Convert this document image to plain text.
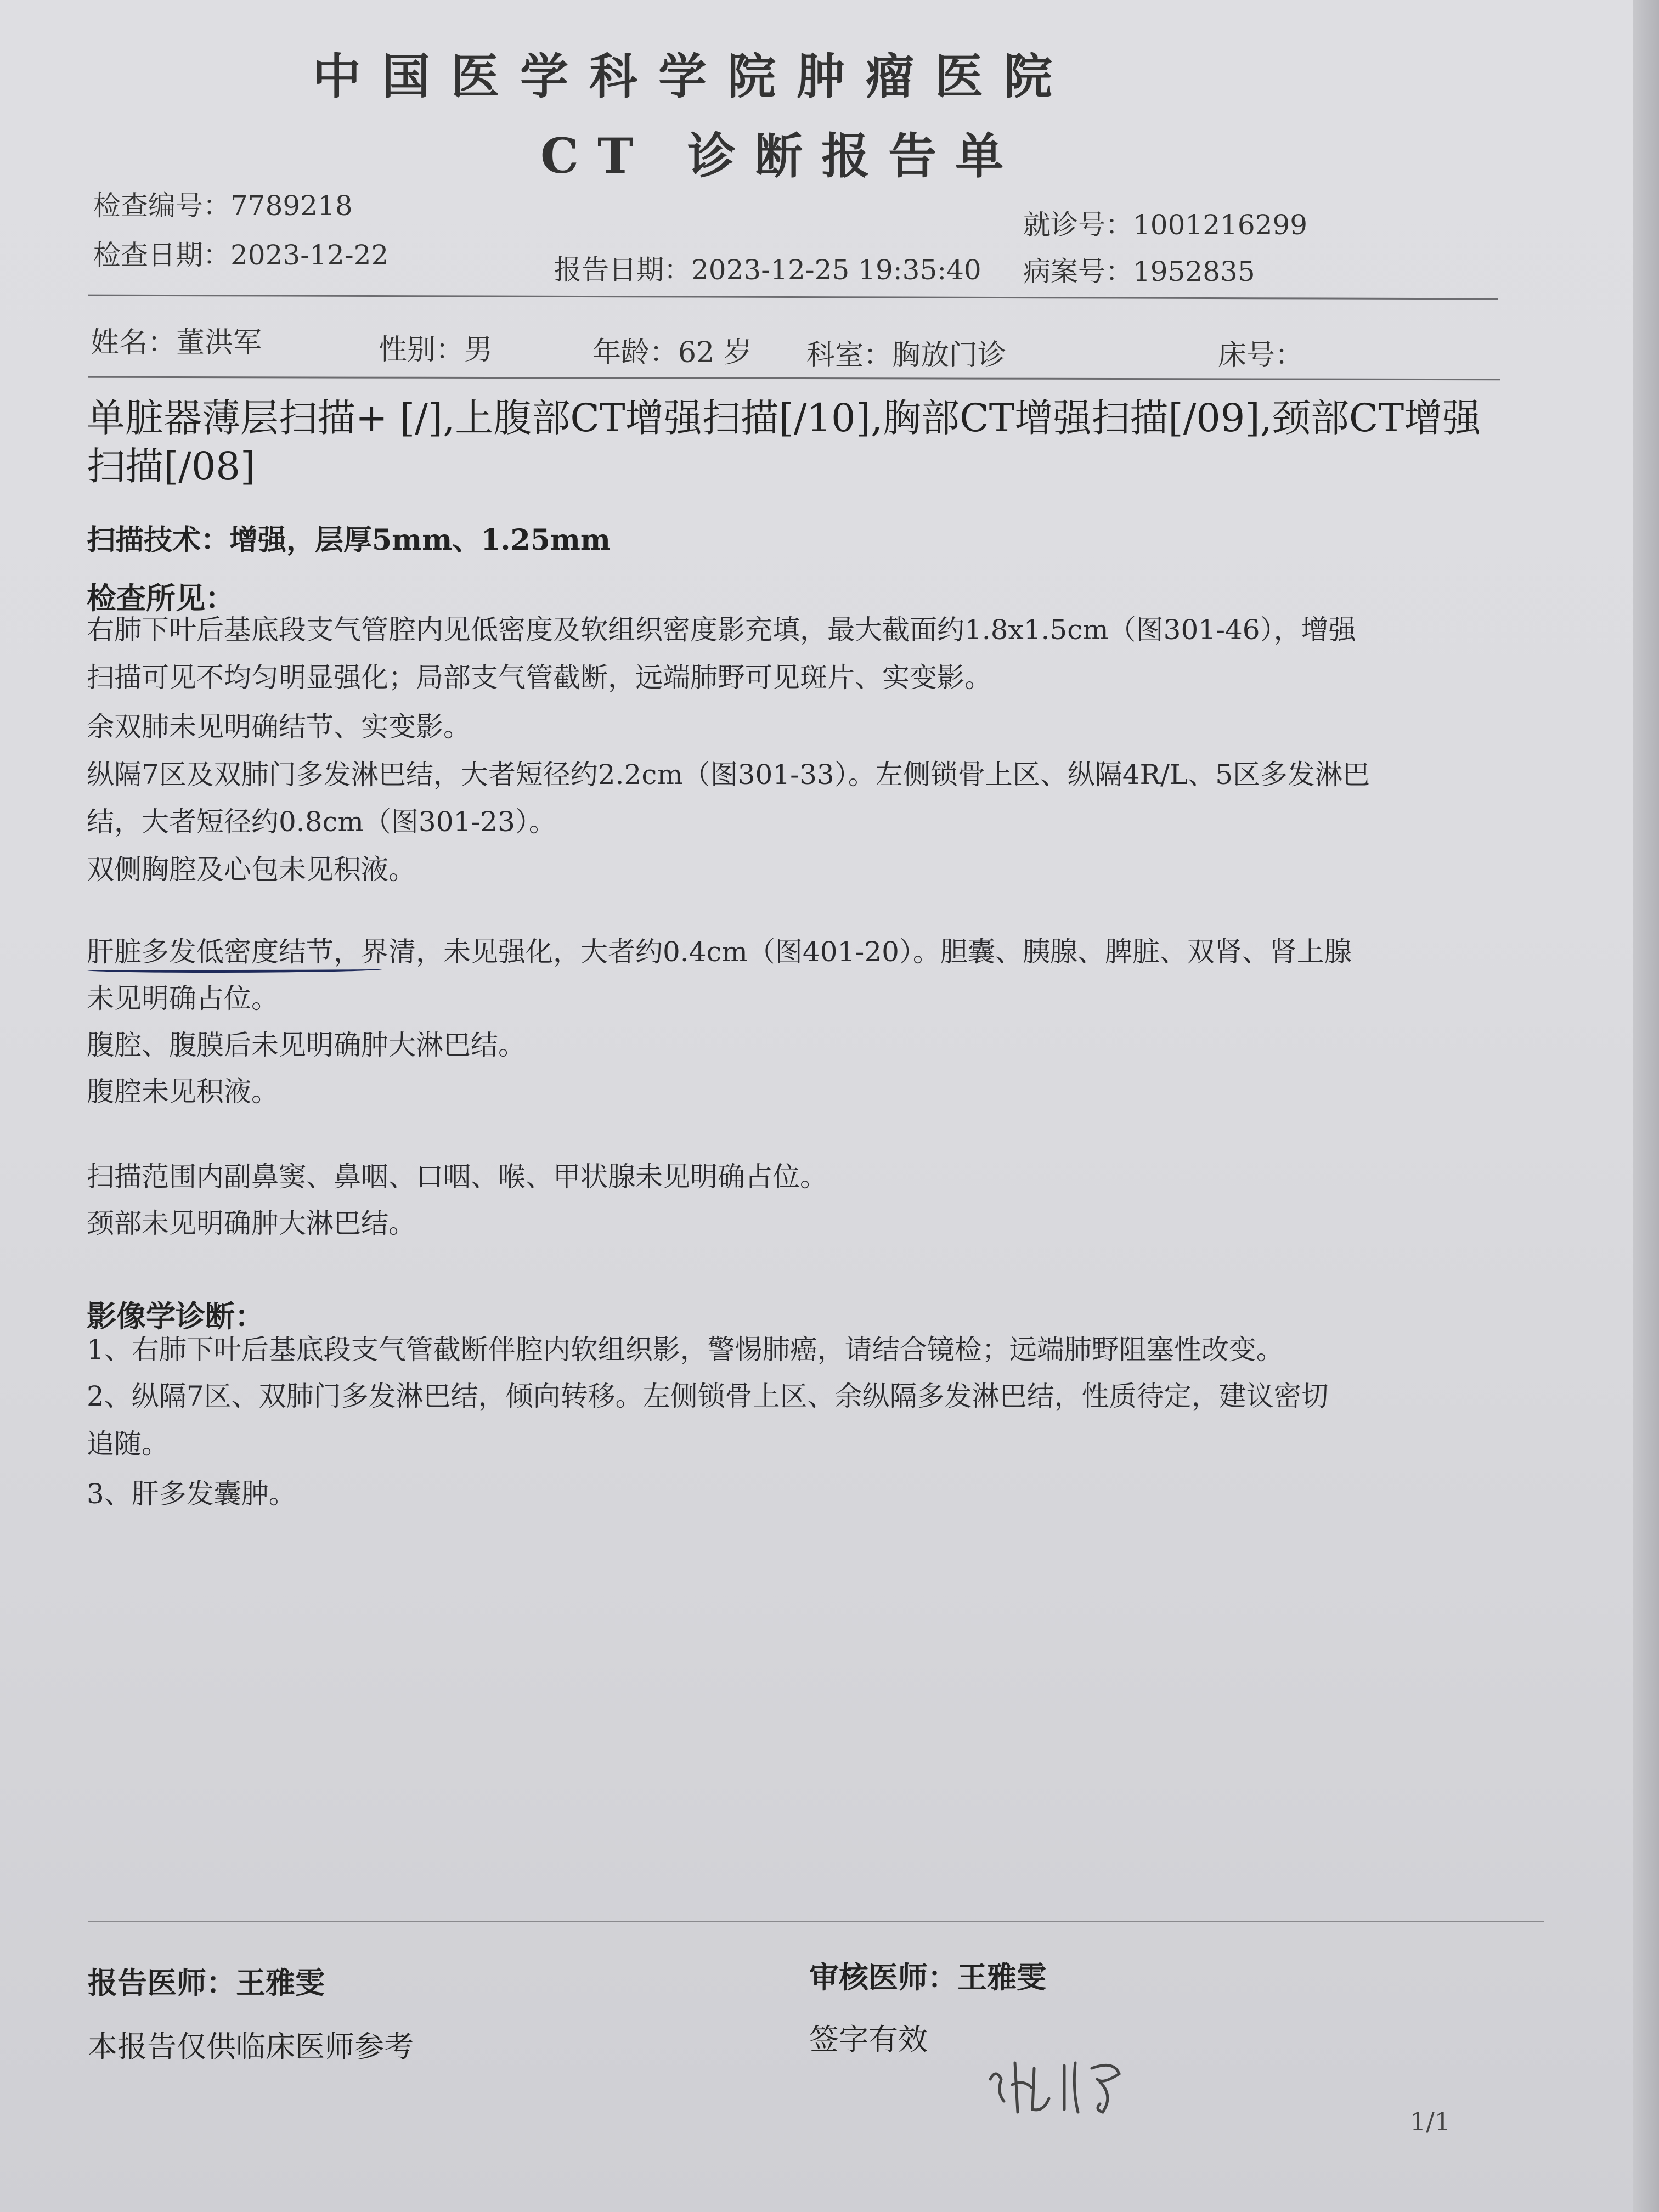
中国医学科学院肿瘤医院
CT 诊断报告单
检查编号：7789218
就诊号：1001216299
检查日期：2023-12-22	报告日期：2023-12-25 19:35:40 病案号：1952835
姓名：董洪军	性别：男	年龄：62 岁 科室：胸放门诊	床号：
单脏器薄层扫描+ [/],上腹部CT增强扫描[/10],胸部CT增强扫描[/09],颈部CT增强扫描[/08]
扫描技术：增强，层厚5mm、1.25mm
检查所见：
右肺下叶后基底段支气管腔内见低密度及软组织密度影充填，最大截面约1.8x1.5cm（图301-46），增强
扫描可见不均匀明显强化；局部支气管截断，远端肺野可见斑片、实变影。
余双肺未见明确结节、实变影。
纵隔7区及双肺门多发淋巴结，大者短径约2.2cm（图301-33）。左侧锁骨上区、纵隔4R/L、5区多发淋巴
结，大者短径约0.8cm（图301-23）。
双侧胸腔及心包未见积液。
肝脏多发低密度结节，界清，未见强化，大者约0.4cm（图401-20）。胆囊、胰腺、脾脏、双肾、肾上腺
未见明确占位。
腹腔、腹膜后未见明确肿大淋巴结。
腹腔未见积液。
扫描范围内副鼻窦、鼻咽、口咽、喉、甲状腺未见明确占位。
颈部未见明确肿大淋巴结。
影像学诊断：
1、右肺下叶后基底段支气管截断伴腔内软组织影，警惕肺癌，请结合镜检；远端肺野阻塞性改变。
2、纵隔7区、双肺门多发淋巴结，倾向转移。左侧锁骨上区、余纵隔多发淋巴结，性质待定，建议密切
追随。
3、肝多发囊肿。
报告医师：王雅雯	审核医师：王雅雯
本报告仅供临床医师参考	签字有效
1/1
